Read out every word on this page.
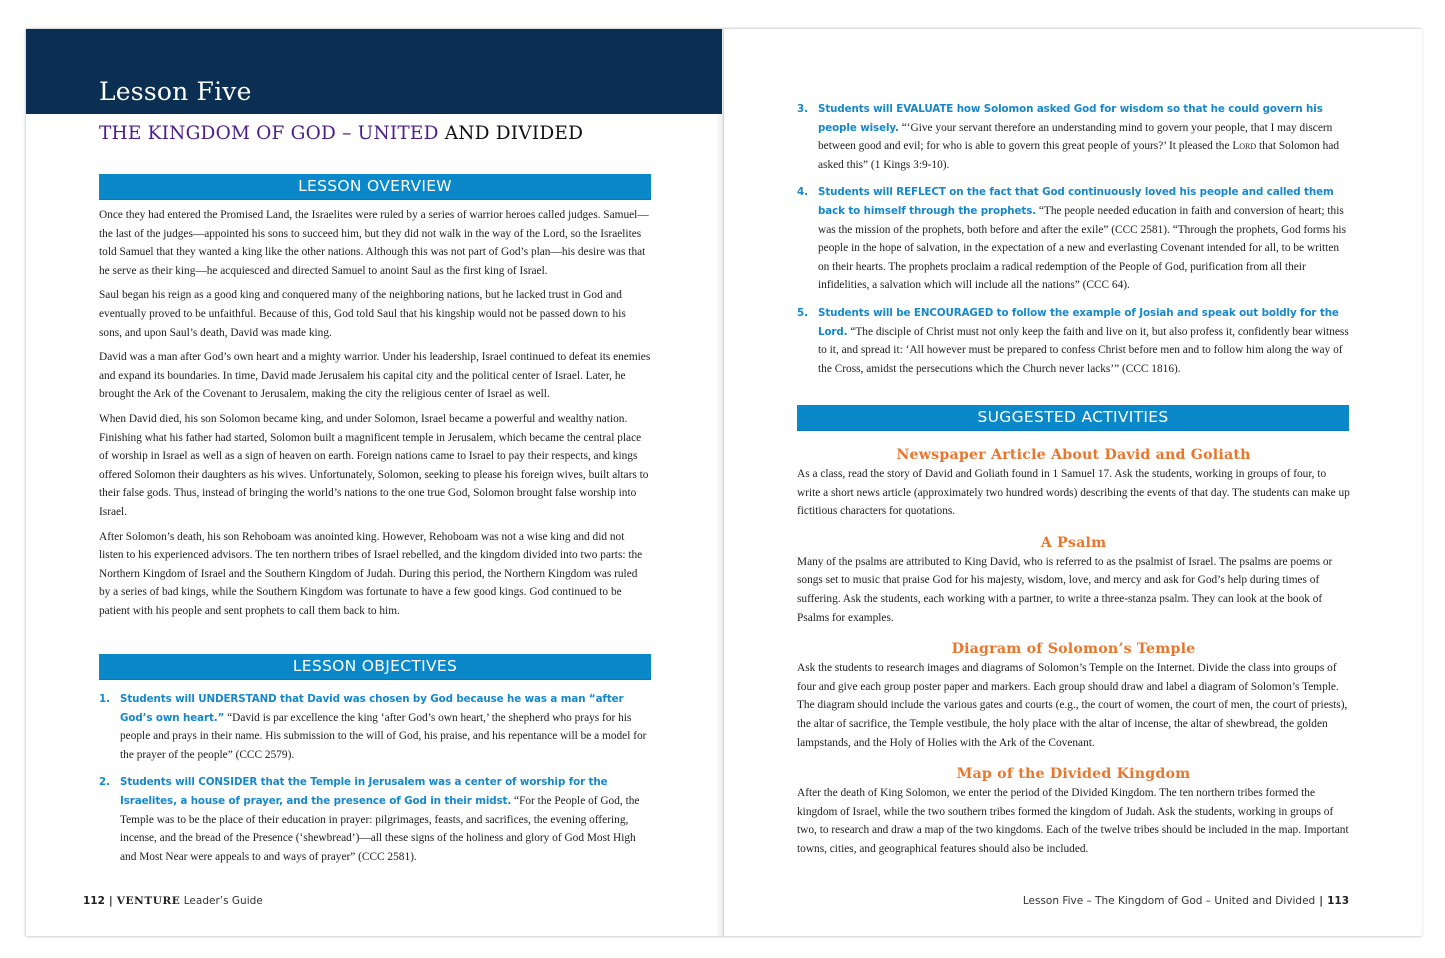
Lesson Five
THE KINGDOM OF GOD – UNITED AND DIVIDED
LESSON OVERVIEW

Once they had entered the Promised Land, the Israelites were ruled by a series of warrior heroes called judges. Samuel—the last of the judges—appointed his sons to succeed him, but they did not walk in the way of the Lord, so the Israelites told Samuel that they wanted a king like the other nations. Although this was not part of God’s plan—his desire was that he serve as their king—he acquiesced and directed Samuel to anoint Saul as the first king of Israel.

Saul began his reign as a good king and conquered many of the neighboring nations, but he lacked trust in God and eventually proved to be unfaithful. Because of this, God told Saul that his kingship would not be passed down to his sons, and upon Saul’s death, David was made king.

David was a man after God’s own heart and a mighty warrior. Under his leadership, Israel continued to defeat its enemies and expand its boundaries. In time, David made Jerusalem his capital city and the political center of Israel. Later, he brought the Ark of the Covenant to Jerusalem, making the city the religious center of Israel as well.

When David died, his son Solomon became king, and under Solomon, Israel became a powerful and wealthy nation. Finishing what his father had started, Solomon built a magnificent temple in Jerusalem, which became the central place of worship in Israel as well as a sign of heaven on earth. Foreign nations came to Israel to pay their respects, and kings offered Solomon their daughters as his wives. Unfortunately, Solomon, seeking to please his foreign wives, built altars to their false gods. Thus, instead of bringing the world’s nations to the one true God, Solomon brought false worship into Israel.

After Solomon’s death, his son Rehoboam was anointed king. However, Rehoboam was not a wise king and did not listen to his experienced advisors. The ten northern tribes of Israel rebelled, and the kingdom divided into two parts: the Northern Kingdom of Israel and the Southern Kingdom of Judah. During this period, the Northern Kingdom was ruled by a series of bad kings, while the Southern Kingdom was fortunate to have a few good kings. God continued to be patient with his people and sent prophets to call them back to him.

LESSON OBJECTIVES
1. Students will UNDERSTAND that David was chosen by God because he was a man “after God’s own heart.” “David is par excellence the king ‘after God’s own heart,’ the shepherd who prays for his people and prays in their name. His submission to the will of God, his praise, and his repentance will be a model for the prayer of the people” (CCC 2579).
2. Students will CONSIDER that the Temple in Jerusalem was a center of worship for the Israelites, a house of prayer, and the presence of God in their midst. “For the People of God, the Temple was to be the place of their education in prayer: pilgrimages, feasts, and sacrifices, the evening offering, incense, and the bread of the Presence (‘shewbread’)—all these signs of the holiness and glory of God Most High and Most Near were appeals to and ways of prayer” (CCC 2581).
112 | VENTURE Leader’s Guide
3. Students will EVALUATE how Solomon asked God for wisdom so that he could govern his people wisely. “‘Give your servant therefore an understanding mind to govern your people, that I may discern between good and evil; for who is able to govern this great people of yours?’ It pleased the Lord that Solomon had asked this” (1 Kings 3:9-10).
4. Students will REFLECT on the fact that God continuously loved his people and called them back to himself through the prophets. “The people needed education in faith and conversion of heart; this was the mission of the prophets, both before and after the exile” (CCC 2581). “Through the prophets, God forms his people in the hope of salvation, in the expectation of a new and everlasting Covenant intended for all, to be written on their hearts. The prophets proclaim a radical redemption of the People of God, purification from all their infidelities, a salvation which will include all the nations” (CCC 64).
5. Students will be ENCOURAGED to follow the example of Josiah and speak out boldly for the Lord. “The disciple of Christ must not only keep the faith and live on it, but also profess it, confidently bear witness to it, and spread it: ‘All however must be prepared to confess Christ before men and to follow him along the way of the Cross, amidst the persecutions which the Church never lacks’” (CCC 1816).
SUGGESTED ACTIVITIES
Newspaper Article About David and Goliath

As a class, read the story of David and Goliath found in 1 Samuel 17. Ask the students, working in groups of four, to write a short news article (approximately two hundred words) describing the events of that day. The students can make up fictitious characters for quotations.

A Psalm

Many of the psalms are attributed to King David, who is referred to as the psalmist of Israel. The psalms are poems or songs set to music that praise God for his majesty, wisdom, love, and mercy and ask for God’s help during times of suffering. Ask the students, each working with a partner, to write a three-stanza psalm. They can look at the book of Psalms for examples.

Diagram of Solomon’s Temple

Ask the students to research images and diagrams of Solomon’s Temple on the Internet. Divide the class into groups of four and give each group poster paper and markers. Each group should draw and label a diagram of Solomon’s Temple. The diagram should include the various gates and courts (e.g., the court of women, the court of men, the court of priests), the altar of sacrifice, the Temple vestibule, the holy place with the altar of incense, the altar of shewbread, the golden lampstands, and the Holy of Holies with the Ark of the Covenant.

Map of the Divided Kingdom

After the death of King Solomon, we enter the period of the Divided Kingdom. The ten northern tribes formed the kingdom of Israel, while the two southern tribes formed the kingdom of Judah. Ask the students, working in groups of two, to research and draw a map of the two kingdoms. Each of the twelve tribes should be included in the map. Important towns, cities, and geographical features should also be included.

Lesson Five – The Kingdom of God – United and Divided | 113
